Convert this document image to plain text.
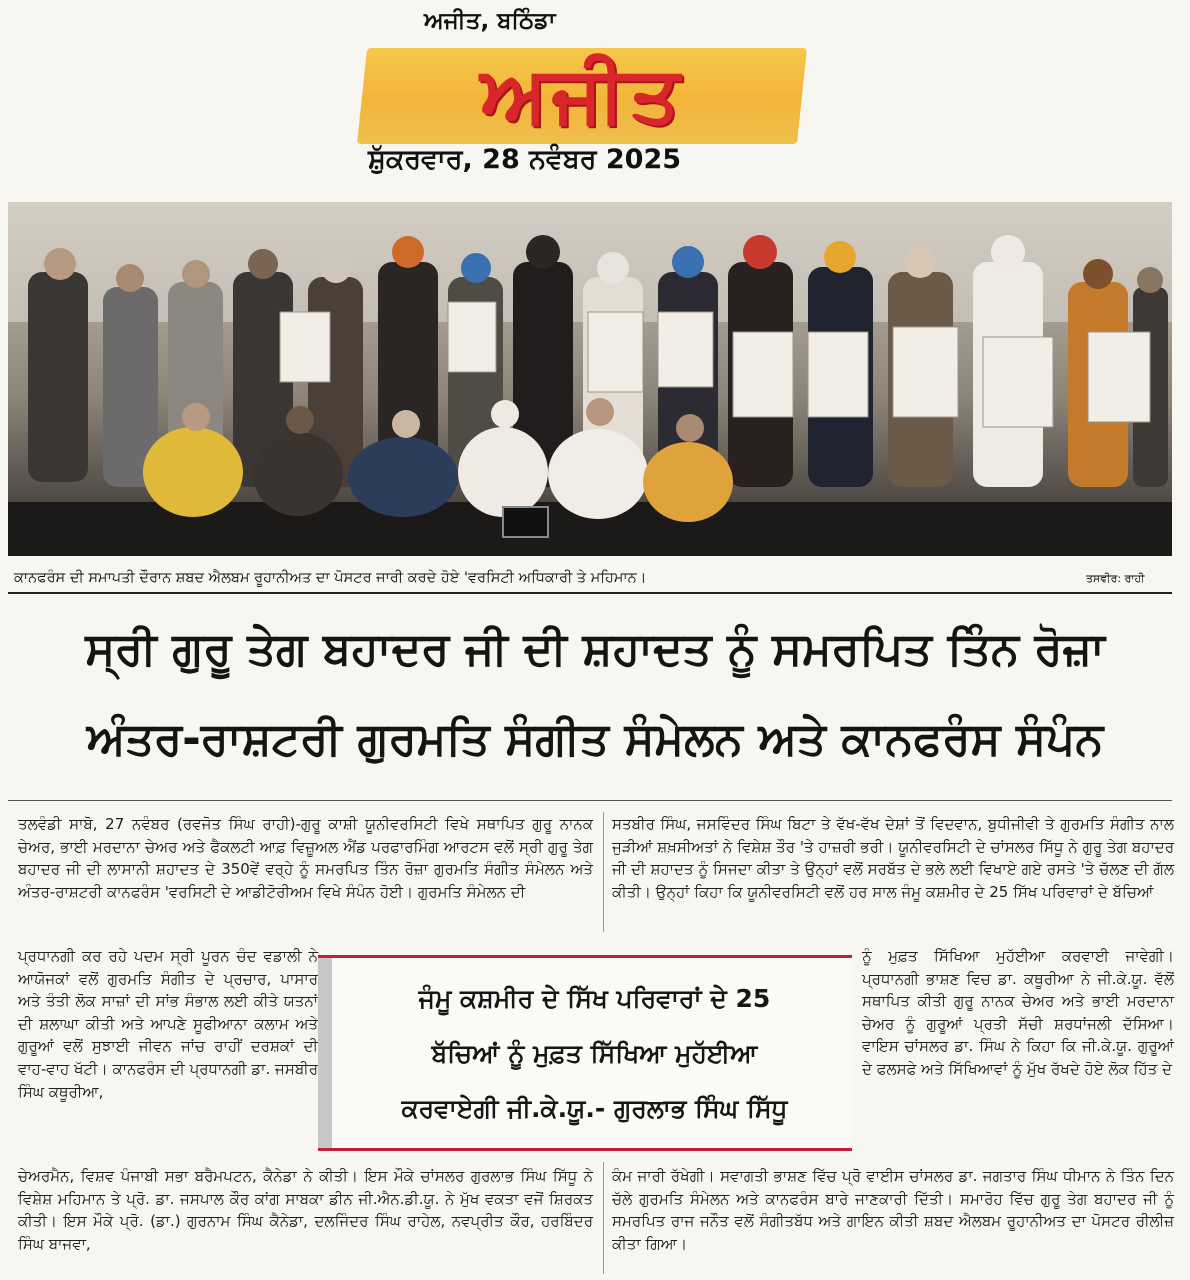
ਅਜੀਤ, ਬਠਿੰਡਾ
ਅਜੀਤ
ਸ਼ੁੱਕਰਵਾਰ, 28 ਨਵੰਬਰ 2025
ਕਾਨਫਰੰਸ ਦੀ ਸਮਾਪਤੀ ਦੌਰਾਨ ਸ਼ਬਦ ਐਲਬਮ ਰੂਹਾਨੀਅਤ ਦਾ ਪੋਸਟਰ ਜਾਰੀ ਕਰਦੇ ਹੋਏ 'ਵਰਸਿਟੀ ਅਧਿਕਾਰੀ ਤੇ ਮਹਿਮਾਨ।	ਤਸਵੀਰ: ਰਾਹੀ
ਸ੍ਰੀ ਗੁਰੂ ਤੇਗ ਬਹਾਦਰ ਜੀ ਦੀ ਸ਼ਹਾਦਤ ਨੂੰ ਸਮਰਪਿਤ ਤਿੰਨ ਰੋਜ਼ਾ
ਅੰਤਰ-ਰਾਸ਼ਟਰੀ ਗੁਰਮਤਿ ਸੰਗੀਤ ਸੰਮੇਲਨ ਅਤੇ ਕਾਨਫਰੰਸ ਸੰਪੰਨ

ਤਲਵੰਡੀ ਸਾਬੋ, 27 ਨਵੰਬਰ (ਰਵਜੋਤ ਸਿੰਘ ਰਾਹੀ)-ਗੁਰੂ ਕਾਸ਼ੀ ਯੂਨੀਵਰਸਿਟੀ ਵਿਖੇ ਸਥਾਪਿਤ ਗੁਰੂ ਨਾਨਕ ਚੇਅਰ, ਭਾਈ ਮਰਦਾਨਾ ਚੇਅਰ ਅਤੇ ਫੈਕਲਟੀ ਆਫ਼ ਵਿਜ਼ੂਅਲ ਐਂਡ ਪਰਫਾਰਮਿੰਗ ਆਰਟਸ ਵਲੋਂ ਸ੍ਰੀ ਗੁਰੂ ਤੇਗ ਬਹਾਦਰ ਜੀ ਦੀ ਲਾਸਾਨੀ ਸ਼ਹਾਦਤ ਦੇ 350ਵੇਂ ਵਰ੍ਹੇ ਨੂੰ ਸਮਰਪਿਤ ਤਿੰਨ ਰੋਜ਼ਾ ਗੁਰਮਤਿ ਸੰਗੀਤ ਸੰਮੇਲਨ ਅਤੇ ਅੰਤਰ-ਰਾਸ਼ਟਰੀ ਕਾਨਫਰੰਸ 'ਵਰਸਿਟੀ ਦੇ ਆਡੀਟੋਰੀਅਮ ਵਿਖੇ ਸੰਪੰਨ ਹੋਈ। ਗੁਰਮਤਿ ਸੰਮੇਲਨ ਦੀ

ਪ੍ਰਧਾਨਗੀ ਕਰ ਰਹੇ ਪਦਮ ਸ੍ਰੀ ਪੂਰਨ ਚੰਦ ਵਡਾਲੀ ਨੇ ਆਯੋਜਕਾਂ ਵਲੋਂ ਗੁਰਮਤਿ ਸੰਗੀਤ ਦੇ ਪ੍ਰਚਾਰ, ਪਾਸਾਰ ਅਤੇ ਤੰਤੀ ਲੋਕ ਸਾਜ਼ਾਂ ਦੀ ਸਾਂਭ ਸੰਭਾਲ ਲਈ ਕੀਤੇ ਯਤਨਾਂ ਦੀ ਸ਼ਲਾਘਾ ਕੀਤੀ ਅਤੇ ਆਪਣੇ ਸੂਫੀਆਨਾ ਕਲਾਮ ਅਤੇ ਗੁਰੂਆਂ ਵਲੋਂ ਸੁਝਾਈ ਜੀਵਨ ਜਾਂਚ ਰਾਹੀਂ ਦਰਸ਼ਕਾਂ ਦੀ ਵਾਹ-ਵਾਹ ਖੱਟੀ। ਕਾਨਫਰੰਸ ਦੀ ਪ੍ਰਧਾਨਗੀ ਡਾ. ਜਸਬੀਰ ਸਿੰਘ ਕਥੂਰੀਆ,

ਚੇਅਰਮੈਨ, ਵਿਸ਼ਵ ਪੰਜਾਬੀ ਸਭਾ ਬਰੈਮਪਟਨ, ਕੈਨੇਡਾ ਨੇ ਕੀਤੀ। ਇਸ ਮੌਕੇ ਚਾਂਸਲਰ ਗੁਰਲਾਭ ਸਿੰਘ ਸਿੱਧੂ ਨੇ ਵਿਸ਼ੇਸ਼ ਮਹਿਮਾਨ ਤੇ ਪ੍ਰੋ. ਡਾ. ਜਸਪਾਲ ਕੌਰ ਕਾਂਗ ਸਾਬਕਾ ਡੀਨ ਜੀ.ਐਨ.ਡੀ.ਯੂ. ਨੇ ਮੁੱਖ ਵਕਤਾ ਵਜੋਂ ਸ਼ਿਰਕਤ ਕੀਤੀ। ਇਸ ਮੌਕੇ ਪ੍ਰੋ. (ਡਾ.) ਗੁਰਨਾਮ ਸਿੰਘ ਕੈਨੇਡਾ, ਦਲਜਿੰਦਰ ਸਿੰਘ ਰਾਹੇਲ, ਨਵਪ੍ਰੀਤ ਕੌਰ, ਹਰਬਿੰਦਰ ਸਿੰਘ ਬਾਜਵਾ,

ਸਤਬੀਰ ਸਿੰਘ, ਜਸਵਿੰਦਰ ਸਿੰਘ ਬਿਟਾ ਤੇ ਵੱਖ-ਵੱਖ ਦੇਸ਼ਾਂ ਤੋਂ ਵਿਦਵਾਨ, ਬੁਧੀਜੀਵੀ ਤੇ ਗੁਰਮਤਿ ਸੰਗੀਤ ਨਾਲ ਜੁੜੀਆਂ ਸ਼ਖ਼ਸੀਅਤਾਂ ਨੇ ਵਿਸ਼ੇਸ਼ ਤੌਰ 'ਤੇ ਹਾਜ਼ਰੀ ਭਰੀ। ਯੂਨੀਵਰਸਿਟੀ ਦੇ ਚਾਂਸਲਰ ਸਿੱਧੂ ਨੇ ਗੁਰੂ ਤੇਗ ਬਹਾਦਰ ਜੀ ਦੀ ਸ਼ਹਾਦਤ ਨੂੰ ਸਿਜਦਾ ਕੀਤਾ ਤੇ ਉਨ੍ਹਾਂ ਵਲੋਂ ਸਰਬੱਤ ਦੇ ਭਲੇ ਲਈ ਵਿਖਾਏ ਗਏ ਰਸਤੇ 'ਤੇ ਚੱਲਣ ਦੀ ਗੱਲ ਕੀਤੀ। ਉਨ੍ਹਾਂ ਕਿਹਾ ਕਿ ਯੂਨੀਵਰਸਿਟੀ ਵਲੋਂ ਹਰ ਸਾਲ ਜੰਮੂ ਕਸ਼ਮੀਰ ਦੇ 25 ਸਿੱਖ ਪਰਿਵਾਰਾਂ ਦੇ ਬੱਚਿਆਂ

ਨੂੰ ਮੁਫ਼ਤ ਸਿੱਖਿਆ ਮੁਹੱਈਆ ਕਰਵਾਈ ਜਾਵੇਗੀ। ਪ੍ਰਧਾਨਗੀ ਭਾਸ਼ਣ ਵਿਚ ਡਾ. ਕਥੂਰੀਆ ਨੇ ਜੀ.ਕੇ.ਯੂ. ਵੱਲੋਂ ਸਥਾਪਿਤ ਕੀਤੀ ਗੁਰੂ ਨਾਨਕ ਚੇਅਰ ਅਤੇ ਭਾਈ ਮਰਦਾਨਾ ਚੇਅਰ ਨੂੰ ਗੁਰੂਆਂ ਪ੍ਰਤੀ ਸੱਚੀ ਸ਼ਰਧਾਂਜਲੀ ਦੱਸਿਆ। ਵਾਇਸ ਚਾਂਸਲਰ ਡਾ. ਸਿੰਘ ਨੇ ਕਿਹਾ ਕਿ ਜੀ.ਕੇ.ਯੂ. ਗੁਰੂਆਂ ਦੇ ਫਲਸਫੇ ਅਤੇ ਸਿੱਖਿਆਵਾਂ ਨੂੰ ਮੁੱਖ ਰੱਖਦੇ ਹੋਏ ਲੋਕ ਹਿੱਤ ਦੇ

ਕੰਮ ਜਾਰੀ ਰੱਖੇਗੀ। ਸਵਾਗਤੀ ਭਾਸ਼ਣ ਵਿੱਚ ਪ੍ਰੋ ਵਾਈਸ ਚਾਂਸਲਰ ਡਾ. ਜਗਤਾਰ ਸਿੰਘ ਧੀਮਾਨ ਨੇ ਤਿੰਨ ਦਿਨ ਚੱਲੇ ਗੁਰਮਤਿ ਸੰਮੇਲਨ ਅਤੇ ਕਾਨਫਰੰਸ ਬਾਰੇ ਜਾਣਕਾਰੀ ਦਿੱਤੀ। ਸਮਾਰੋਹ ਵਿੱਚ ਗੁਰੂ ਤੇਗ ਬਹਾਦਰ ਜੀ ਨੂੰ ਸਮਰਪਿਤ ਰਾਜ ਜਨੌਤ ਵਲੋਂ ਸੰਗੀਤਬੱਧ ਅਤੇ ਗਾਇਨ ਕੀਤੀ ਸ਼ਬਦ ਐਲਬਮ ਰੂਹਾਨੀਅਤ ਦਾ ਪੋਸਟਰ ਰੀਲੀਜ਼ ਕੀਤਾ ਗਿਆ।

ਜੰਮੂ ਕਸ਼ਮੀਰ ਦੇ ਸਿੱਖ ਪਰਿਵਾਰਾਂ ਦੇ 25
ਬੱਚਿਆਂ ਨੂੰ ਮੁਫ਼ਤ ਸਿੱਖਿਆ ਮੁਹੱਈਆ
ਕਰਵਾਏਗੀ ਜੀ.ਕੇ.ਯੂ.- ਗੁਰਲਾਭ ਸਿੰਘ ਸਿੱਧੂ
